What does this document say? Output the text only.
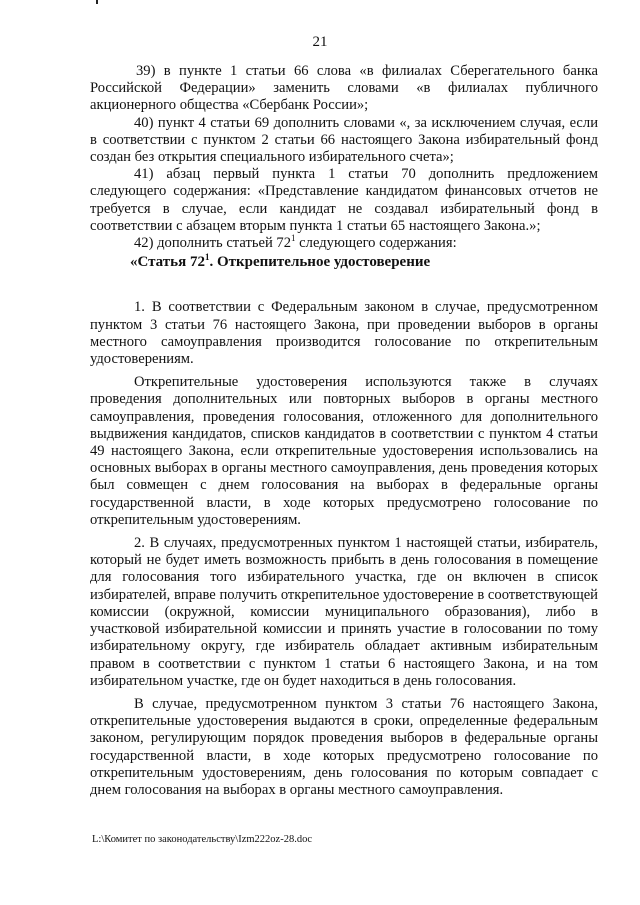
21

39) в пункте 1 статьи 66 слова «в филиалах Сберегательного банка Российской Федерации» заменить словами «в филиалах публичного акционерного общества «Сбербанк России»;

40) пункт 4 статьи 69 дополнить словами «, за исключением случая, если в соответствии с пунктом 2 статьи 66 настоящего Закона избирательный фонд создан без открытия специального избирательного счета»;

41) абзац первый пункта 1 статьи 70 дополнить предложением следующего содержания: «Представление кандидатом финансовых отчетов не требуется в случае, если кандидат не создавал избирательный фонд в соответствии с абзацем вторым пункта 1 статьи 65 настоящего Закона.»;

42) дополнить статьей $72^1$ следующего содержания:

«Статья $72^1$. Открепительное удостоверение

1. В соответствии с Федеральным законом в случае, предусмотренном пунктом 3 статьи 76 настоящего Закона, при проведении выборов в органы местного самоуправления производится голосование по открепительным удостоверениям.

Открепительные удостоверения используются также в случаях проведения дополнительных или повторных выборов в органы местного самоуправления, проведения голосования, отложенного для дополнительного выдвижения кандидатов, списков кандидатов в соответствии с пунктом 4 статьи 49 настоящего Закона, если открепительные удостоверения использовались на основных выборах в органы местного самоуправления, день проведения которых был совмещен с днем голосования на выборах в федеральные органы государственной власти, в ходе которых предусмотрено голосование по открепительным удостоверениям.

2. В случаях, предусмотренных пунктом 1 настоящей статьи, избиратель, который не будет иметь возможность прибыть в день голосования в помещение для голосования того избирательного участка, где он включен в список избирателей, вправе получить открепительное удостоверение в соответствующей комиссии (окружной, комиссии муниципального образования), либо в участковой избирательной комиссии и принять участие в голосовании по тому избирательному округу, где избиратель обладает активным избирательным правом в соответствии с пунктом 1 статьи 6 настоящего Закона, и на том избирательном участке, где он будет находиться в день голосования.

В случае, предусмотренном пунктом 3 статьи 76 настоящего Закона, открепительные удостоверения выдаются в сроки, определенные федеральным законом, регулирующим порядок проведения выборов в федеральные органы государственной власти, в ходе которых предусмотрено голосование по открепительным удостоверениям, день голосования по которым совпадает с днем голосования на выборах в органы местного самоуправления.

L:\Комитет по законодательству\Izm222oz-28.doc
